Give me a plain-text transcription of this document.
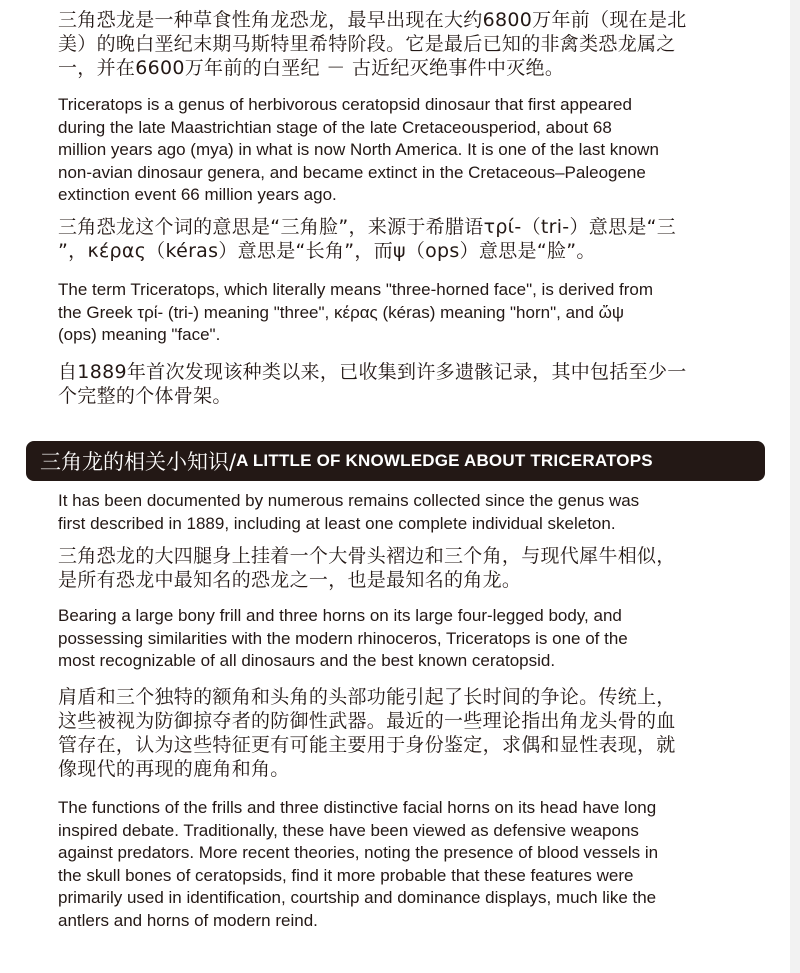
三角恐龙是一种草食性角龙恐龙，最早出现在大约6800万年前（现在是北
美）的晚白垩纪末期马斯特里希特阶段。它是最后已知的非禽类恐龙属之
一，并在6600万年前的白垩纪 － 古近纪灭绝事件中灭绝。
Triceratops is a genus of herbivorous ceratopsid dinosaur that first appeared
during the late Maastrichtian stage of the late Cretaceousperiod, about 68
million years ago (mya) in what is now North America. It is one of the last known
non-avian dinosaur genera, and became extinct in the Cretaceous–Paleogene
extinction event 66 million years ago.
三角恐龙这个词的意思是“三角脸”，来源于希腊语τρί-（tri-）意思是“三
”，κέρας（kéras）意思是“长角”，而ψ（ops）意思是“脸”。
The term Triceratops, which literally means "three-horned face", is derived from
the Greek τρί- (tri-) meaning "three", κέρας (kéras) meaning "horn", and ὤψ
(ops) meaning "face".
自1889年首次发现该种类以来，已收集到许多遗骸记录，其中包括至少一
个完整的个体骨架。
三角龙的相关小知识/ A LITTLE OF KNOWLEDGE ABOUT TRICERATOPS
It has been documented by numerous remains collected since the genus was
first described in 1889, including at least one complete individual skeleton.
三角恐龙的大四腿身上挂着一个大骨头褶边和三个角，与现代犀牛相似，
是所有恐龙中最知名的恐龙之一，也是最知名的角龙。
Bearing a large bony frill and three horns on its large four-legged body, and
possessing similarities with the modern rhinoceros, Triceratops is one of the
most recognizable of all dinosaurs and the best known ceratopsid.
肩盾和三个独特的额角和头角的头部功能引起了长时间的争论。传统上，
这些被视为防御掠夺者的防御性武器。最近的一些理论指出角龙头骨的血
管存在，认为这些特征更有可能主要用于身份鉴定，求偶和显性表现，就
像现代的再现的鹿角和角。
The functions of the frills and three distinctive facial horns on its head have long
inspired debate. Traditionally, these have been viewed as defensive weapons
against predators. More recent theories, noting the presence of blood vessels in
the skull bones of ceratopsids, find it more probable that these features were
primarily used in identification, courtship and dominance displays, much like the
antlers and horns of modern reind.
